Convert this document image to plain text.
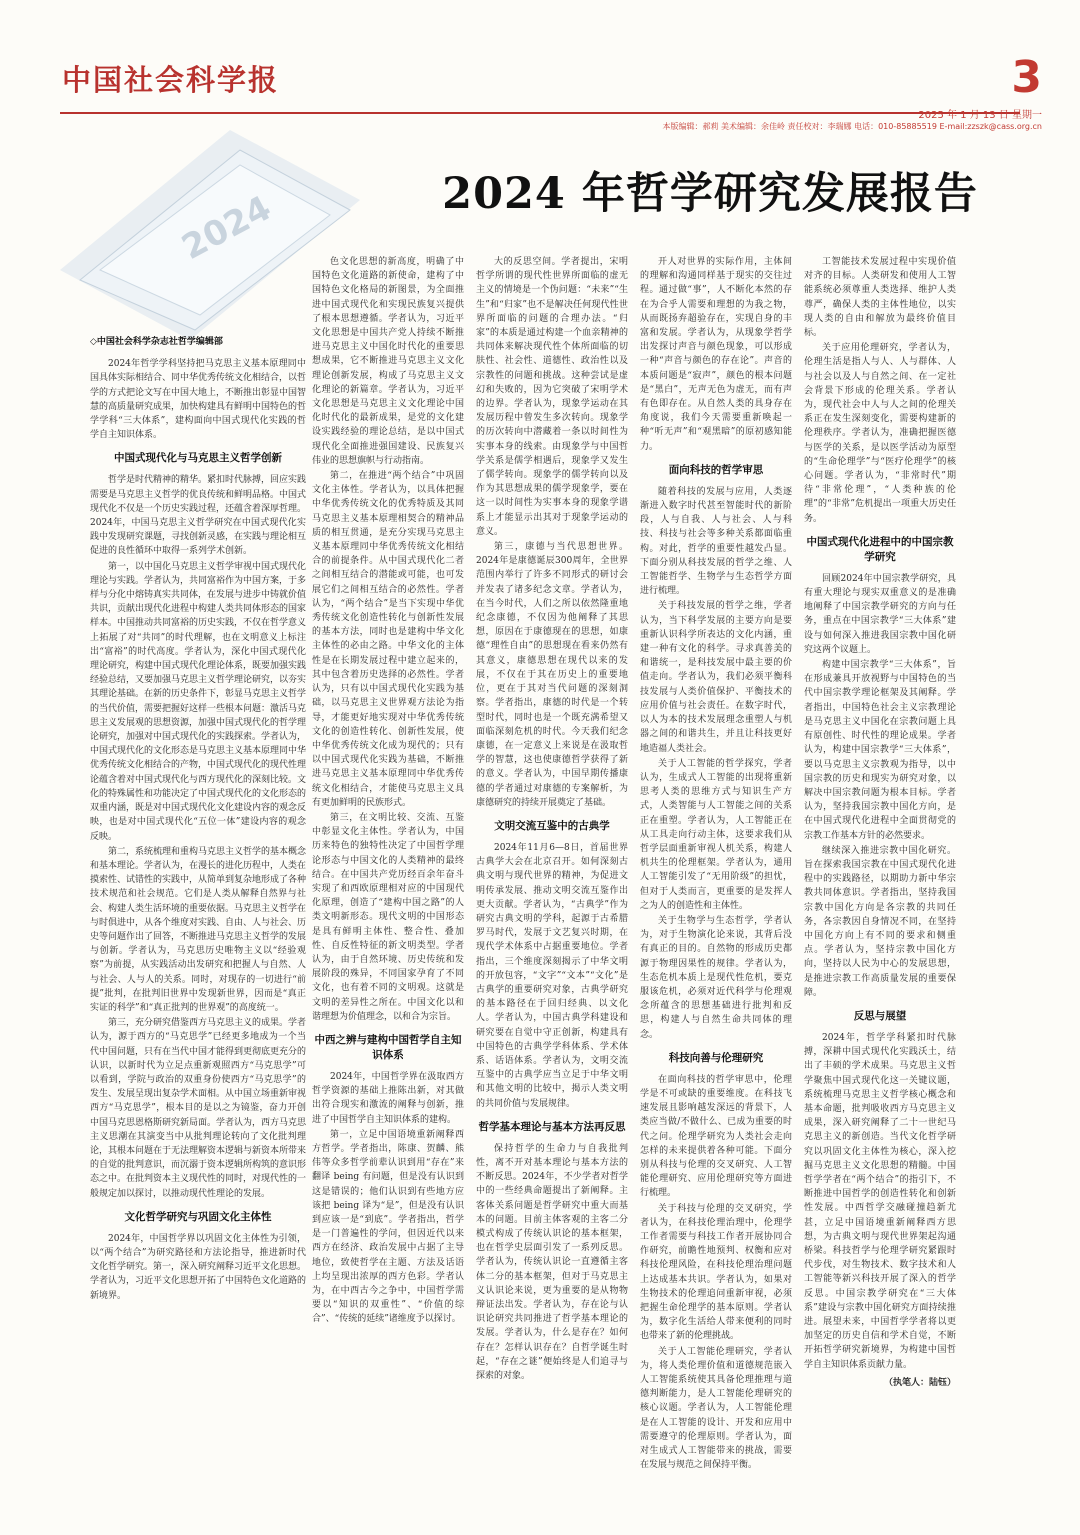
中国社会科学报	3
2025 年 1 月 13 日 星期一
本版编辑：郝莉 美术编辑：余佳岭 责任校对：李瑞娜 电话：010-85885519 E-mail:zzszk@cass.org.cn
2024	2024 年哲学研究发展报告
◇中国社会科学杂志社哲学编辑部

2024年哲学学科坚持把马克思主义基本原理同中国具体实际相结合、同中华优秀传统文化相结合，以哲学的方式把论文写在中国大地上，不断推出彰显中国智慧的高质量研究成果，加快构建具有鲜明中国特色的哲学学科“三大体系”，建构面向中国式现代化实践的哲学自主知识体系。

中国式现代化与马克思主义哲学创新

哲学是时代精神的精华。紧扣时代脉搏，回应实践需要是马克思主义哲学的优良传统和鲜明品格。中国式现代化不仅是一个历史实践过程，还蕴含着深厚哲理。2024年，中国马克思主义哲学研究在中国式现代化实践中发现研究课题，寻找创新灵感，在实践与理论相互促进的良性循环中取得一系列学术创新。

第一，以中国化马克思主义哲学审视中国式现代化理论与实践。学者认为，共同富裕作为中国方案，于多样与分化中熔铸真实共同体，在发展与进步中铸就价值共识，贡献出现代化进程中构建人类共同体形态的国家样本。中国推动共同富裕的历史实践，不仅在哲学意义上拓展了对“共同”的时代理解，也在文明意义上标注出“富裕”的时代高度。学者认为，深化中国式现代化理论研究，构建中国式现代化理论体系，既要加强实践经验总结，又要加强马克思主义哲学理论研究，以夯实其理论基础。在新的历史条件下，彰显马克思主义哲学的当代价值，需要把握好这样一些根本问题：激活马克思主义发展观的思想资源，加强中国式现代化的哲学理论研究，加强对中国式现代化的实践探索。学者认为，中国式现代化的文化形态是马克思主义基本原理同中华优秀传统文化相结合的产物，中国式现代化的现代性理论蕴含着对中国式现代化与西方现代化的深刻比较。文化的特殊属性和功能决定了中国式现代化的文化形态的双重内涵，既是对中国式现代化文化建设内容的观念反映，也是对中国式现代化“五位一体”建设内容的观念反映。

第二，系统梳理和重构马克思主义哲学的基本概念和基本理论。学者认为，在漫长的进化历程中，人类在摸索性、试错性的实践中，从简单到复杂地形成了各种技术规范和社会规范。它们是人类从解释自然界与社会、构建人类生活环境的重要依据。马克思主义哲学在与时俱进中，从各个维度对实践、自由、人与社会、历史等问题作出了回答，不断推进马克思主义哲学的发展与创新。学者认为，马克思历史唯物主义以“经验观察”为前提，从实践活动出发研究和把握人与自然、人与社会、人与人的关系。同时，对现存的一切进行“前提”批判，在批判旧世界中发现新世界，因而是“真正实证的科学”和“真正批判的世界观”的高度统一。

第三，充分研究借鉴西方马克思主义的成果。学者认为，源于西方的“马克思学”已经更多地成为一个当代中国问题，只有在当代中国才能得到更彻底更充分的认识，以新时代为立足点重新观照西方“马克思学”可以看到，学院与政治的双重身份使西方“马克思学”的发生、发展呈现出复杂学术面相。从中国立场重新审视西方“马克思学”，根本目的是以之为镜鉴，奋力开创中国马克思恩格斯研究新局面。学者认为，西方马克思主义思潮在其演变当中从批判理论转向了文化批判理论，其根本问题在于无法理解资本逻辑与新资本所带来的自觉的批判意识，而沉溺于资本逻辑所构筑的意识形态之中。在批判资本主义现代性的同时，对现代性的一般规定加以探讨，以推动现代性理论的发展。

文化哲学研究与巩固文化主体性

2024年，中国哲学界以巩固文化主体性为引领，以“两个结合”为研究路径和方法论指导，推进新时代文化哲学研究。第一，深入研究阐释习近平文化思想。学者认为，习近平文化思想开拓了中国特色文化道路的新境界。

色文化思想的新高度，明确了中国特色文化道路的新使命，建构了中国特色文化格局的新图景，为全面推进中国式现代化和实现民族复兴提供了根本思想遵循。学者认为，习近平文化思想是中国共产党人持续不断推进马克思主义中国化时代化的重要思想成果，它不断推进马克思主义文化理论创新发展，构成了马克思主义文化理论的新篇章。学者认为，习近平文化思想是马克思主义文化理论中国化时代化的最新成果，是党的文化建设实践经验的理论总结，是以中国式现代化全面推进强国建设、民族复兴伟业的思想旗帜与行动指南。

第二，在推进“两个结合”中巩固文化主体性。学者认为，以具体把握中华优秀传统文化的优秀特质及其同马克思主义基本原理相契合的精神品质的相互贯通，是充分实现马克思主义基本原理同中华优秀传统文化相结合的前提条件。从中国式现代化二者之间相互结合的潜能或可能，也可发展它们之间相互结合的必然性。学者认为，“两个结合”是当下实现中华优秀传统文化创造性转化与创新性发展的基本方法，同时也是建构中华文化主体性的必由之路。中华文化的主体性是在长期发展过程中建立起来的，其中包含着历史选择的必然性。学者认为，只有以中国式现代化实践为基础，以马克思主义世界观方法论为指导，才能更好地实现对中华优秀传统文化的创造性转化、创新性发展，使中华优秀传统文化成为现代的；只有以中国式现代化实践为基础，不断推进马克思主义基本原理同中华优秀传统文化相结合，才能使马克思主义具有更加鲜明的民族形式。

第三，在文明比较、交流、互鉴中彰显文化主体性。学者认为，中国历来特色的独特性决定了中国哲学理论形态与中国文化的人类精神的最终结合。在中国共产党历经百余年奋斗实现了和西欧原理相对应的中国现代化原理，创造了“建构中国之路”的人类文明新形态。现代文明的中国形态是具有鲜明主体性、整合性、叠加性、自反性特征的新文明类型。学者认为，由于自然环境、历史传统和发展阶段的殊异，不同国家孕育了不同文化，也有着不同的文明观。这就是文明的差异性之所在。中国文化以和谐理想为价值理念，以和合为宗旨。

中西之辨与建构中国哲学自主知识体系

2024年，中国哲学界在汲取西方哲学资源的基础上推陈出新，对其做出符合现实和激流的阐释与创新，推进了中国哲学自主知识体系的建构。

第一，立足中国语境重新阐释西方哲学。学者指出，陈康、贺麟、熊伟等众多哲学前辈认识到用“存在”来翻译 being 有问题，但是没有认识到这是错误的；他们认识到有些地方应该把 being 译为“是”，但是没有认识到应该一是“到底”。学者指出，哲学是一门普遍性的学问，但因近代以来西方在经济、政治发展中占据了主导地位，致使哲学在主题、方法及话语上均呈现出浓厚的西方色彩。学者认为，在中西古今之争中，中国哲学需要以“知识的双重性”、“价值的综合”、“传统的延续”诸维度予以探讨。

大的反思空间。学者提出，宋明哲学所谓的现代性世界所面临的虚无主义的情境是一个伪问题：“未来”“生生”和“归家”也不是解决任何现代性世界所面临的问题的合理办法。“归家”的本质是通过构建一个血亲精神的共同体来解决现代性个体所面临的切肤性、社会性、道德性、政治性以及宗教性的问题和挑战。这种尝试是虚幻和失败的，因为它突破了宋明学术的边界。学者认为，现象学运动在其发展历程中曾发生多次转向。现象学的历次转向中潜藏着一条以时间性为实事本身的线索。由现象学与中国哲学关系是儒学相遇后，现象学又发生了儒学转向。现象学的儒学转向以及作为其思想成果的儒学现象学，要在这一以时间性为实事本身的现象学谱系上才能显示出其对于现象学运动的意义。

第三，康德与当代思想世界。2024年是康德诞辰300周年，全世界范围内举行了许多不同形式的研讨会并发表了诸多纪念文章。学者认为，在当今时代，人们之所以依然隆重地纪念康德，不仅因为他阐释了其思想，原因在于康德现在的思想，如康德“理性自由”的思想现在看来仍然有其意义，康德思想在现代以来的发展，不仅在于其在历史上的重要地位，更在于其对当代问题的深刻洞察。学者指出，康德的时代是一个转型时代，同时也是一个既充满希望又面临深刻危机的时代。今天我们纪念康德，在一定意义上来说是在汲取哲学的智慧，这也使康德哲学获得了新的意义。学者认为，中国早期传播康德的学者通过对康德的专案解析，为康德研究的持续开展奠定了基础。

文明交流互鉴中的古典学

2024年11月6—8日，首届世界古典学大会在北京召开。如何深刻古典文明与现代世界的精神，为促进文明传承发展、推动文明交流互鉴作出更大贡献。学者认为，“古典学”作为研究古典文明的学科，起源于古希腊罗马时代，发展于文艺复兴时期，在现代学术体系中占据重要地位。学者指出，三个维度深刻揭示了中华文明的开放包容，“文字”“文本”“文化”是古典学的重要研究对象，古典学研究的基本路径在于回归经典、以文化人。学者认为，中国古典学科建设和研究要在自觉中守正创新，构建具有中国特色的古典学学科体系、学术体系、话语体系。学者认为，文明交流互鉴中的古典学应当立足于中华文明和其他文明的比较中，揭示人类文明的共同价值与发展规律。

哲学基本理论与基本方法再反思

保持哲学的生命力与自我批判性，离不开对基本理论与基本方法的不断反思。2024年，不少学者对哲学中的一些经典命题提出了新阐释。主客体关系问题是哲学研究中重大而基本的问题。目前主体客观的主客二分模式构成了传统认识论的基本框架，也在哲学史层面引发了一系列反思。学者认为，传统认识论一直遵循主客体二分的基本框架，但对于马克思主义认识论来说，更为重要的是从物物辩证法出发。学者认为，存在论与认识论研究共同推进了哲学基本理论的发展。学者认为，什么是存在？如何存在？怎样认识存在？自哲学诞生时起，“存在之谜”便始终是人们追寻与探索的对象。

开人对世界的实际作用，主体间的理解和沟通同样基于现实的交往过程。通过做“事”，人不断化本然的存在为合乎人需要和理想的为我之物，从而既扬弃超验存在，实现自身的丰富和发展。学者认为，从现象学哲学出发探讨声音与颜色现象，可以形成一种“声音与颜色的存在论”。声音的本质问题是“寂声”，颜色的根本问题是“黑白”，无声无色为虚无，而有声有色即存在。从自然人类的具身存在角度说，我们今天需要重新唤起一种“听无声”和“观黑暗”的原初感知能力。

面向科技的哲学审思

随着科技的发展与应用，人类逐渐进入数字时代甚至智能时代的新阶段，人与自我、人与社会、人与科技、科技与社会等多种关系都面临重构。对此，哲学的重要性越发凸显。下面分别从科技发展的哲学之维、人工智能哲学、生物学与生态哲学方面进行梳理。

关于科技发展的哲学之维，学者认为，当下科学发展的主要方向是要重新认识科学所表达的文化内涵，重建一种有文化的科学。寻求真善美的和谐统一，是科技发展中最主要的价值走向。学者认为，我们必须平衡科技发展与人类价值保护、平衡技术的应用价值与社会责任。在数字时代，以人为本的技术发展理念重塑人与机器之间的和谐共生，并且让科技更好地造福人类社会。

关于人工智能的哲学探究，学者认为，生成式人工智能的出现将重新思考人类的思维方式与知识生产方式，人类智能与人工智能之间的关系正在重塑。学者认为，人工智能正在从工具走向行动主体，这要求我们从哲学层面重新审视人机关系，构建人机共生的伦理框架。学者认为，通用人工智能引发了“无用阶级”的担忧，但对于人类而言，更重要的是发挥人之为人的创造性和主体性。

关于生物学与生态哲学，学者认为，对于生物演化论来说，其背后没有真正的目的。自然物的形成历史都源于物理因果性的规律。学者认为，生态危机本质上是现代性危机，要克服该危机，必须对近代科学与伦理观念所蕴含的思想基础进行批判和反思，构建人与自然生命共同体的理念。

科技向善与伦理研究

在面向科技的哲学审思中，伦理学是不可或缺的重要维度。在科技飞速发展且影响越发深远的背景下，人类应当做/不做什么、已成为重要的时代之问。伦理学研究为人类社会走向怎样的未来提供着各种可能。下面分别从科技与伦理的交叉研究、人工智能伦理研究、应用伦理研究等方面进行梳理。

关于科技与伦理的交叉研究，学者认为，在科技伦理治理中，伦理学工作者需要与科技工作者开展协同合作研究，前瞻性地预判、权衡和应对科技伦理风险，在科技伦理治理问题上达成基本共识。学者认为，如果对生物技术的伦理追问重新审视，必须把握生命伦理学的基本原则。学者认为，数字化生活给人带来便利的同时也带来了新的伦理挑战。

关于人工智能伦理研究，学者认为，将人类伦理价值和道德规范嵌入人工智能系统使其具备伦理推理与道德判断能力，是人工智能伦理研究的核心议题。学者认为，人工智能伦理是在人工智能的设计、开发和应用中需要遵守的伦理原则。学者认为，面对生成式人工智能带来的挑战，需要在发展与规范之间保持平衡。

工智能技术发展过程中实现价值对齐的目标。人类研发和使用人工智能系统必须尊重人类选择、维护人类尊严，确保人类的主体性地位，以实现人类的自由和解放为最终价值目标。

关于应用伦理研究，学者认为，伦理生活是指人与人、人与群体、人与社会以及人与自然之间、在一定社会背景下形成的伦理关系。学者认为，现代社会中人与人之间的伦理关系正在发生深刻变化，需要构建新的伦理秩序。学者认为，准确把握医德与医学的关系，是以医学活动为原型的“生命伦理学”与“医疗伦理学”的核心问题。学者认为，“非常时代”期待“非常伦理”，“人类种族的伦理”的“非常”危机提出一项重大历史任务。

中国式现代化进程中的中国宗教学研究

回顾2024年中国宗教学研究，具有重大理论与现实双重意义的是准确地阐释了中国宗教学研究的方向与任务，重点在中国宗教学“三大体系”建设与如何深入推进我国宗教中国化研究这两个议题上。

构建中国宗教学“三大体系”，旨在形成兼具开放视野与中国特色的当代中国宗教学理论框架及其阐释。学者指出，中国特色社会主义宗教理论是马克思主义中国化在宗教问题上具有原创性、时代性的理论成果。学者认为，构建中国宗教学“三大体系”，要以马克思主义宗教观为指导，以中国宗教的历史和现实为研究对象，以解决中国宗教问题为根本目标。学者认为，坚持我国宗教中国化方向，是在中国式现代化进程中全面贯彻党的宗教工作基本方针的必然要求。

继续深入推进宗教中国化研究。旨在探索我国宗教在中国式现代化进程中的实践路径，以期助力新中华宗教共同体意识。学者指出，坚持我国宗教中国化方向是各宗教的共同任务，各宗教因自身情况不同，在坚持中国化方向上有不同的要求和侧重点。学者认为，坚持宗教中国化方向，坚持以人民为中心的发展思想，是推进宗教工作高质量发展的重要保障。

反思与展望

2024年，哲学学科紧扣时代脉搏，深耕中国式现代化实践沃土，结出了丰硕的学术成果。马克思主义哲学聚焦中国式现代化这一关键议题，系统梳理马克思主义哲学核心概念和基本命题，批判吸收西方马克思主义成果，深入研究阐释了二十一世纪马克思主义的新创造。当代文化哲学研究以巩固文化主体性为核心，深入挖掘马克思主义文化思想的精髓。中国哲学学者在“两个结合”的指引下，不断推进中国哲学的创造性转化和创新性发展。中西哲学交融碰撞趋新尤甚，立足中国语境重新阐释西方思想，为古典文明与现代世界架起沟通桥梁。科技哲学与伦理学研究紧跟时代步伐，对生物技术、数字技术和人工智能等新兴科技开展了深入的哲学反思。中国宗教学研究在“三大体系”建设与宗教中国化研究方面持续推进。展望未来，中国哲学学者将以更加坚定的历史自信和学术自觉，不断开拓哲学研究新境界，为构建中国哲学自主知识体系贡献力量。

（执笔人：陆钰）
